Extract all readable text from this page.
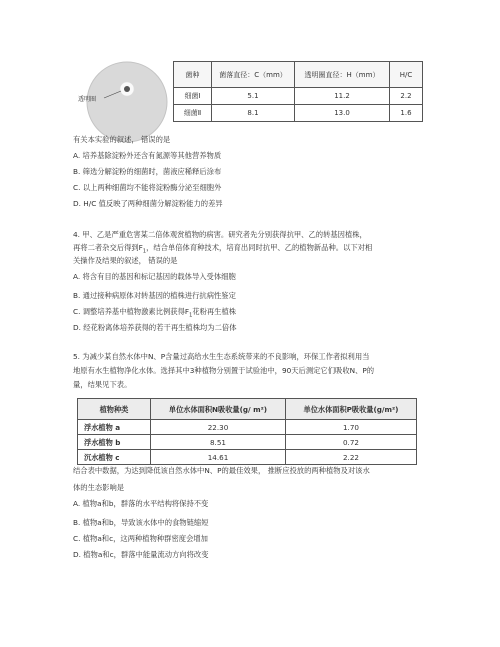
透明圈
菌种	菌落直径：C（mm）	透明圈直径：H（mm）	H/C
细菌Ⅰ	5.1	11.2	2.2
细菌Ⅱ	8.1	13.0	1.6
有关本实验的叙述， 错误的是
A. 培养基除淀粉外还含有氮源等其他营养物质
B. 筛选分解淀粉的细菌时，菌液应稀释后涂布
C. 以上两种细菌均不能将淀粉酶分泌至细胞外
D. H/C 值反映了两种细菌分解淀粉能力的差异
4. 甲、乙是严重危害某二倍体观赏植物的病害。研究者先分别获得抗甲、乙的转基因植株，
再将二者杂交后得到$F_1$，结合单倍体育种技术，培育出同时抗甲、乙的植物新品种。以下对相
关操作及结果的叙述， 错误的是
A. 将含有目的基因和标记基因的载体导入受体细胞
B. 通过接种病原体对转基因的植株进行抗病性鉴定
C. 调整培养基中植物激素比例获得$F_1$花粉再生植株
D. 经花粉离体培养获得的若干再生植株均为二倍体
5. 为减少某自然水体中N、P含量过高给水生生态系统带来的不良影响，环保工作者拟利用当
地原有水生植物净化水体。选择其中3种植物分别置于试验池中，90天后测定它们吸收N、P的
量，结果见下表。
植物种类	单位水体面积N吸收量(g/ m²)	单位水体面积P吸收量(g/m²)
浮水植物 a	22.30	1.70
浮水植物 b	8.51	0.72
沉水植物 c	14.61	2.22
结合表中数据，为达到降低该自然水体中N、P的最佳效果， 推断应投放的两种植物及对该水
体的生态影响是
A. 植物a和b，群落的水平结构将保持不变
B. 植物a和b，导致该水体中的食物链缩短
C. 植物a和c，这两种植物种群密度会增加
D. 植物a和c，群落中能量流动方向将改变
